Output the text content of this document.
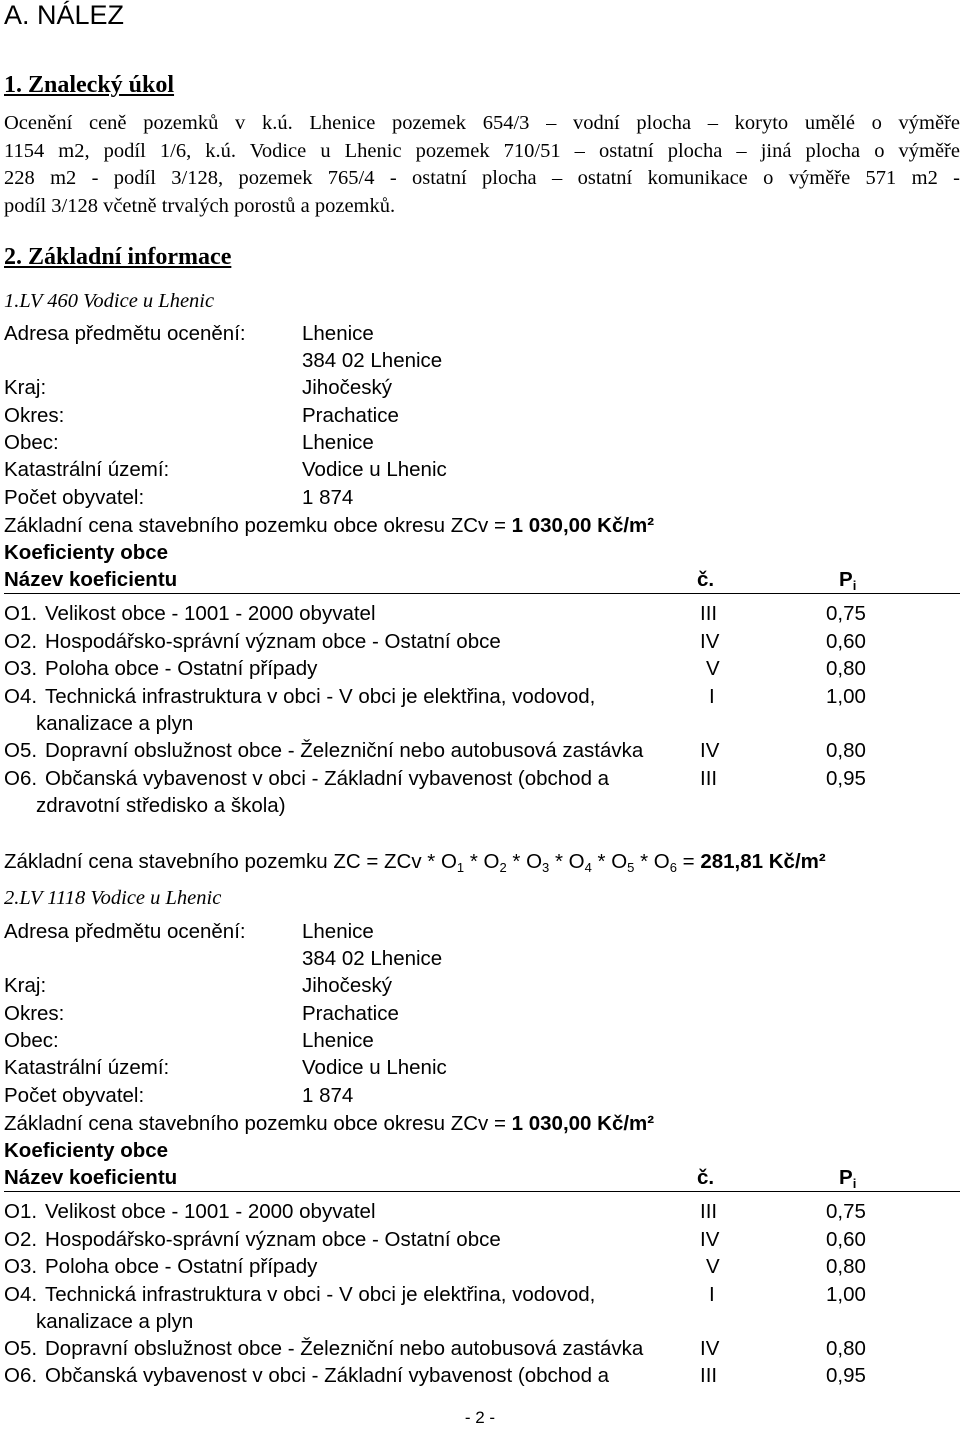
A. NÁLEZ
1. Znalecký úkol
Ocenění ceně pozemků v k.ú. Lhenice pozemek 654/3 – vodní plocha – koryto umělé o výměře
1154 m2, podíl 1/6, k.ú. Vodice u Lhenic pozemek 710/51 – ostatní plocha – jiná plocha o výměře
228 m2 - podíl 3/128, pozemek 765/4 - ostatní plocha – ostatní komunikace o výměře 571 m2 -
podíl 3/128 včetně trvalých porostů a pozemků.
2. Základní informace
1.LV 460 Vodice u Lhenic
Adresa předmětu ocenění:	Lhenice
384 02 Lhenice
Kraj:	Jihočeský
Okres:	Prachatice
Obec:	Lhenice
Katastrální území:	Vodice u Lhenic
Počet obyvatel:	1 874
Základní cena stavebního pozemku obce okresu ZCv = 1 030,00 Kč/m²
Koeficienty obce
Název koeficientu	č.	$P_i$
O1. Velikost obce - 1001 - 2000 obyvatel	III	0,75
O2. Hospodářsko-správní význam obce - Ostatní obce	IV	0,60
O3. Poloha obce - Ostatní případy	V	0,80
O4. Technická infrastruktura v obci - V obci je elektřina, vodovod,
kanalizace a plyn
I	1,00
O5. Dopravní obslužnost obce - Železniční nebo autobusová zastávka	IV	0,80
O6. Občanská vybavenost v obci - Základní vybavenost (obchod a
zdravotní středisko a škola)
III	0,95
Základní cena stavebního pozemku ZC = ZCv * $O_1 * O_2 * O_3 * O_4 * O_5 * O_6 = 281,81$ Kč/m²
2.LV 1118 Vodice u Lhenic
Adresa předmětu ocenění:	Lhenice
384 02 Lhenice
Kraj:	Jihočeský
Okres:	Prachatice
Obec:	Lhenice
Katastrální území:	Vodice u Lhenic
Počet obyvatel:	1 874
Základní cena stavebního pozemku obce okresu ZCv = 1 030,00 Kč/m²
Koeficienty obce
Název koeficientu	č.	$P_i$
O1. Velikost obce - 1001 - 2000 obyvatel	III	0,75
O2. Hospodářsko-správní význam obce - Ostatní obce	IV	0,60
O3. Poloha obce - Ostatní případy	V	0,80
O4. Technická infrastruktura v obci - V obci je elektřina, vodovod,
kanalizace a plyn
I	1,00
O5. Dopravní obslužnost obce - Železniční nebo autobusová zastávka	IV	0,80
O6. Občanská vybavenost v obci - Základní vybavenost (obchod a	III	0,95
- 2 -
